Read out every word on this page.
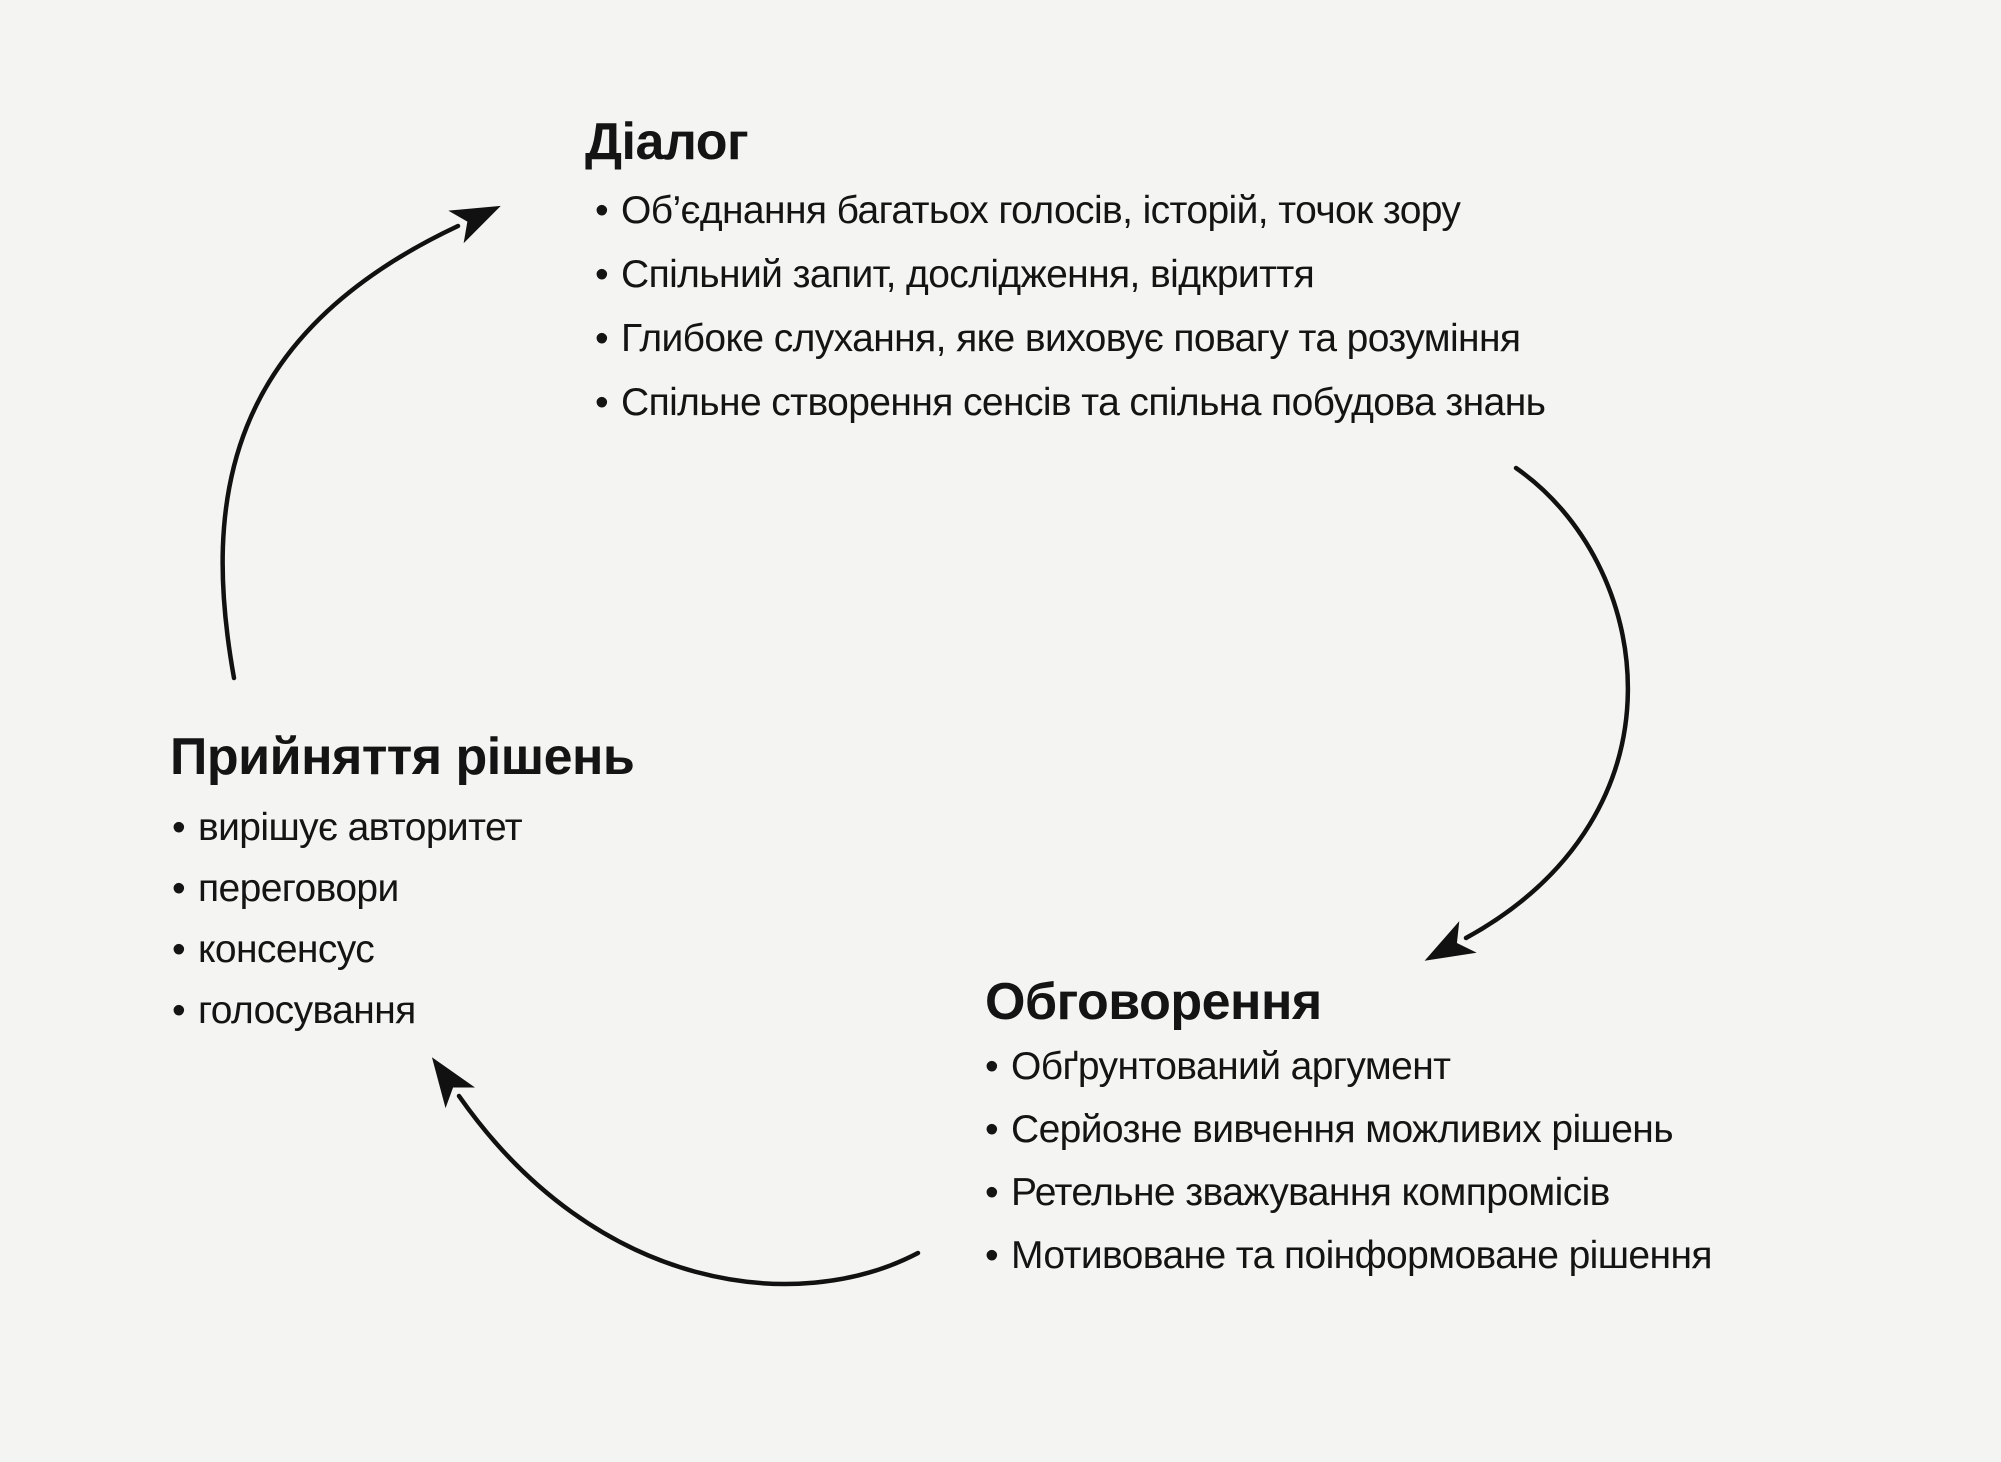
Діалог
• Об’єднання багатьох голосів, історій, точок зору
• Спільний запит, дослідження, відкриття
• Глибоке слухання, яке виховує повагу та розуміння
• Спільне створення сенсів та спільна побудова знань
Прийняття рішень
• вирішує авторитет
• переговори
• консенсус
• голосування	Обговорення
• Обґрунтований аргумент
• Серйозне вивчення можливих рішень
• Ретельне зважування компромісів
• Мотивоване та поінформоване рішення
